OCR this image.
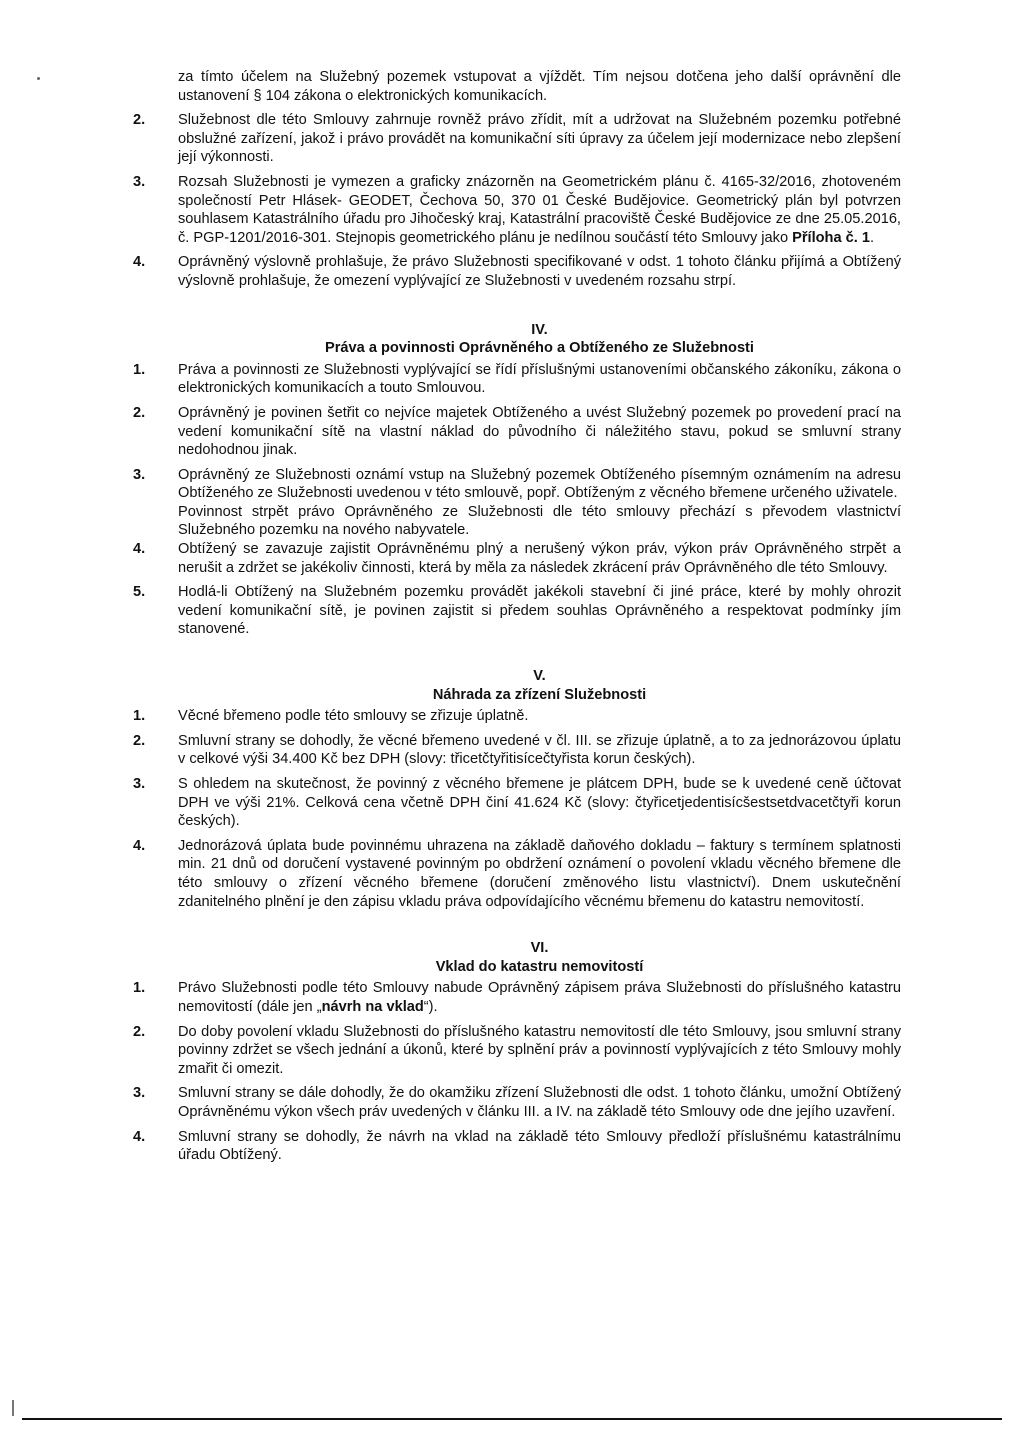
za tímto účelem na Služebný pozemek vstupovat a vjíždět. Tím nejsou dotčena jeho další oprávnění dle ustanovení § 104 zákona o elektronických komunikacích.

2. Služebnost dle této Smlouvy zahrnuje rovněž právo zřídit, mít a udržovat na Služebném pozemku potřebné obslužné zařízení, jakož i právo provádět na komunikační síti úpravy za účelem její modernizace nebo zlepšení její výkonnosti.

3. Rozsah Služebnosti je vymezen a graficky znázorněn na Geometrickém plánu č. 4165-32/2016, zhotoveném společností Petr Hlásek- GEODET, Čechova 50, 370 01 České Budějovice. Geometrický plán byl potvrzen souhlasem Katastrálního úřadu pro Jihočeský kraj, Katastrální pracoviště České Budějovice ze dne 25.05.2016, č. PGP-1201/2016-301. Stejnopis geometrického plánu je nedílnou součástí této Smlouvy jako Příloha č. 1.

4. Oprávněný výslovně prohlašuje, že právo Služebnosti specifikované v odst. 1 tohoto článku přijímá a Obtížený výslovně prohlašuje, že omezení vyplývající ze Služebnosti v uvedeném rozsahu strpí.

IV.

Práva a povinnosti Oprávněného a Obtíženého ze Služebnosti

1. Práva a povinnosti ze Služebnosti vyplývající se řídí příslušnými ustanoveními občanského zákoníku, zákona o elektronických komunikacích a touto Smlouvou.

2. Oprávněný je povinen šetřit co nejvíce majetek Obtíženého a uvést Služebný pozemek po provedení prací na vedení komunikační sítě na vlastní náklad do původního či náležitého stavu, pokud se smluvní strany nedohodnou jinak.

3. Oprávněný ze Služebnosti oznámí vstup na Služebný pozemek Obtíženého písemným oznámením na adresu Obtíženého ze Služebnosti uvedenou v této smlouvě, popř. Obtíženým z věcného břemene určeného uživatele.

Povinnost strpět právo Oprávněného ze Služebnosti dle této smlouvy přechází s převodem vlastnictví Služebného pozemku na nového nabyvatele.

4. Obtížený se zavazuje zajistit Oprávněnému plný a nerušený výkon práv, výkon práv Oprávněného strpět a nerušit a zdržet se jakékoliv činnosti, která by měla za následek zkrácení práv Oprávněného dle této Smlouvy.

5. Hodlá-li Obtížený na Služebném pozemku provádět jakékoli stavební či jiné práce, které by mohly ohrozit vedení komunikační sítě, je povinen zajistit si předem souhlas Oprávněného a respektovat podmínky jím stanovené.

V.

Náhrada za zřízení Služebnosti

1. Věcné břemeno podle této smlouvy se zřizuje úplatně.

2. Smluvní strany se dohodly, že věcné břemeno uvedené v čl. III. se zřizuje úplatně, a to za jednorázovou úplatu v celkové výši 34.400 Kč bez DPH (slovy: třicetčtyřitisícečtyřista korun českých).

3. S ohledem na skutečnost, že povinný z věcného břemene je plátcem DPH, bude se k uvedené ceně účtovat DPH ve výši 21%. Celková cena včetně DPH činí 41.624 Kč (slovy: čtyřicetjedentisícšestsetdvacetčtyři korun českých).

4. Jednorázová úplata bude povinnému uhrazena na základě daňového dokladu – faktury s termínem splatnosti min. 21 dnů od doručení vystavené povinným po obdržení oznámení o povolení vkladu věcného břemene dle této smlouvy o zřízení věcného břemene (doručení změnového listu vlastnictví). Dnem uskutečnění zdanitelného plnění je den zápisu vkladu práva odpovídajícího věcnému břemenu do katastru nemovitostí.

VI.

Vklad do katastru nemovitostí

1. Právo Služebnosti podle této Smlouvy nabude Oprávněný zápisem práva Služebnosti do příslušného katastru nemovitostí (dále jen „návrh na vklad“).

2. Do doby povolení vkladu Služebnosti do příslušného katastru nemovitostí dle této Smlouvy, jsou smluvní strany povinny zdržet se všech jednání a úkonů, které by splnění práv a povinností vyplývajících z této Smlouvy mohly zmařit či omezit.

3. Smluvní strany se dále dohodly, že do okamžiku zřízení Služebnosti dle odst. 1 tohoto článku, umožní Obtížený Oprávněnému výkon všech práv uvedených v článku III. a IV. na základě této Smlouvy ode dne jejího uzavření.

4. Smluvní strany se dohodly, že návrh na vklad na základě této Smlouvy předloží příslušnému katastrálnímu úřadu Obtížený.
